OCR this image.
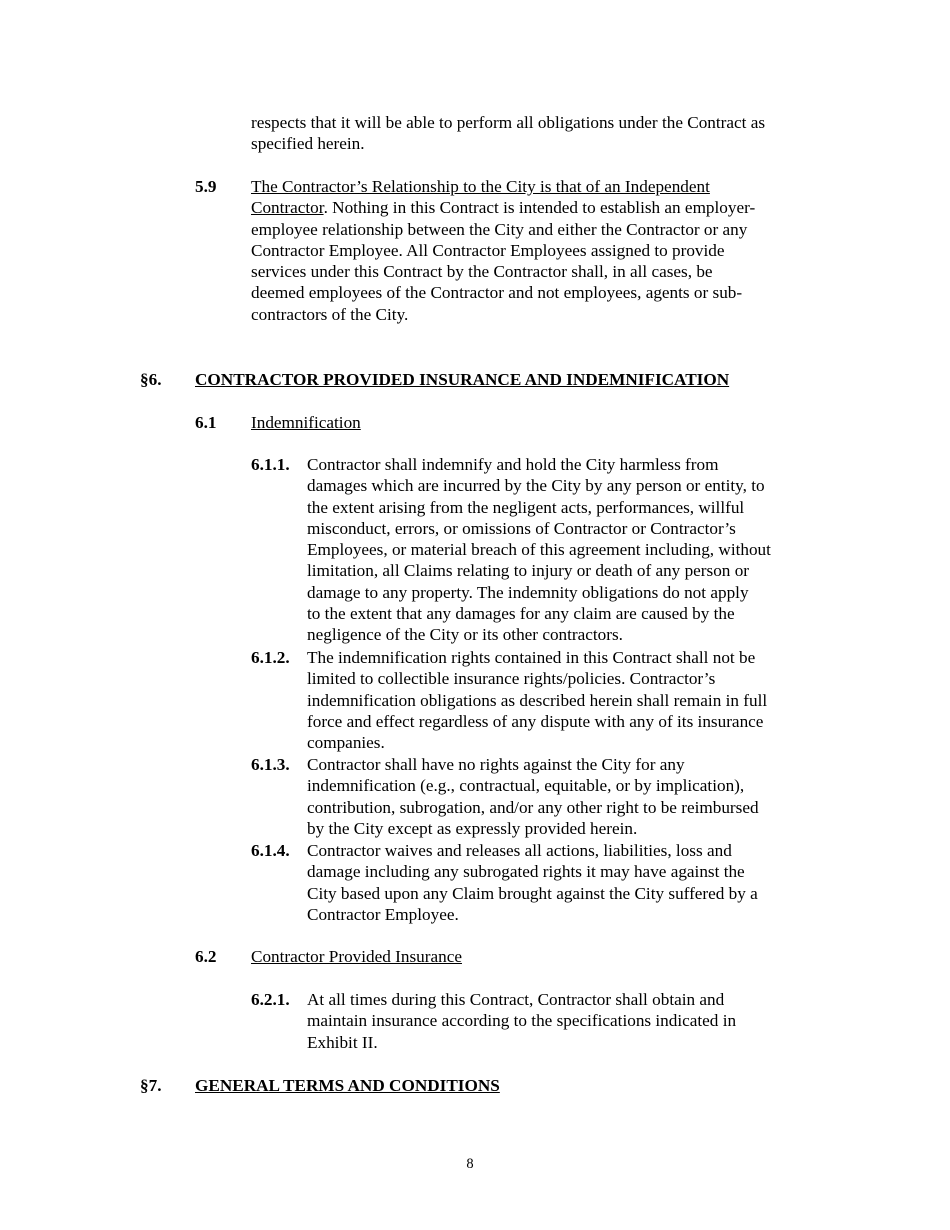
respects that it will be able to perform all obligations under the Contract as
specified herein.
5.9 The Contractor’s Relationship to the City is that of an Independent
Contractor. Nothing in this Contract is intended to establish an employer-
employee relationship between the City and either the Contractor or any
Contractor Employee. All Contractor Employees assigned to provide
services under this Contract by the Contractor shall, in all cases, be
deemed employees of the Contractor and not employees, agents or sub-
contractors of the City.
§6. CONTRACTOR PROVIDED INSURANCE AND INDEMNIFICATION
6.1 Indemnification
6.1.1. Contractor shall indemnify and hold the City harmless from
damages which are incurred by the City by any person or entity, to
the extent arising from the negligent acts, performances, willful
misconduct, errors, or omissions of Contractor or Contractor’s
Employees, or material breach of this agreement including, without
limitation, all Claims relating to injury or death of any person or
damage to any property. The indemnity obligations do not apply
to the extent that any damages for any claim are caused by the
negligence of the City or its other contractors.
6.1.2. The indemnification rights contained in this Contract shall not be
limited to collectible insurance rights/policies. Contractor’s
indemnification obligations as described herein shall remain in full
force and effect regardless of any dispute with any of its insurance
companies.
6.1.3. Contractor shall have no rights against the City for any
indemnification (e.g., contractual, equitable, or by implication),
contribution, subrogation, and/or any other right to be reimbursed
by the City except as expressly provided herein.
6.1.4. Contractor waives and releases all actions, liabilities, loss and
damage including any subrogated rights it may have against the
City based upon any Claim brought against the City suffered by a
Contractor Employee.
6.2 Contractor Provided Insurance
6.2.1. At all times during this Contract, Contractor shall obtain and
maintain insurance according to the specifications indicated in
Exhibit II.
§7. GENERAL TERMS AND CONDITIONS
8
